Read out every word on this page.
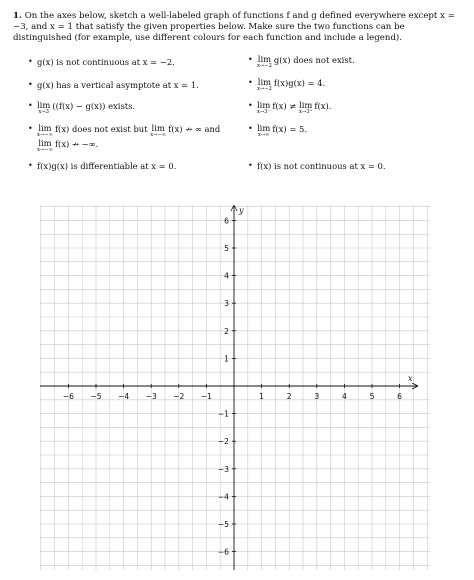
1. On the axes below, sketch a well-labeled graph of functions f and g defined everywhere except x = −3, and x = 1 that satisfy the given properties below. Make sure the two functions can be distinguished (for example, use different colours for each function and include a legend).
• g(x) is not continuous at x = −2.
• g(x) has a vertical asymptote at x = 1.
• lim
x→3
((f(x) − g(x)) exists.
• lim
x→−∞
f(x) does not exist but lim
x→−∞
f(x) ↛ ∞ and
lim
x→−∞
f(x) ↛ −∞.
• f(x)g(x) is differentiable at x = 0.
• lim
x→−2
g(x) does not exist.
• lim
x→−2
f(x)g(x) = 4.
• lim
x→3⁻
f(x) ≠ lim
x→3⁺
f(x).
• lim
x→∞
f(x) = 5.
• f(x) is not continuous at x = 0.
−6 −5 −4 −3 −2 −1	1	2	3	4	5	6
6
5
4
3
2
1
−1
−2
−3
−4
−5
−6
x
y
